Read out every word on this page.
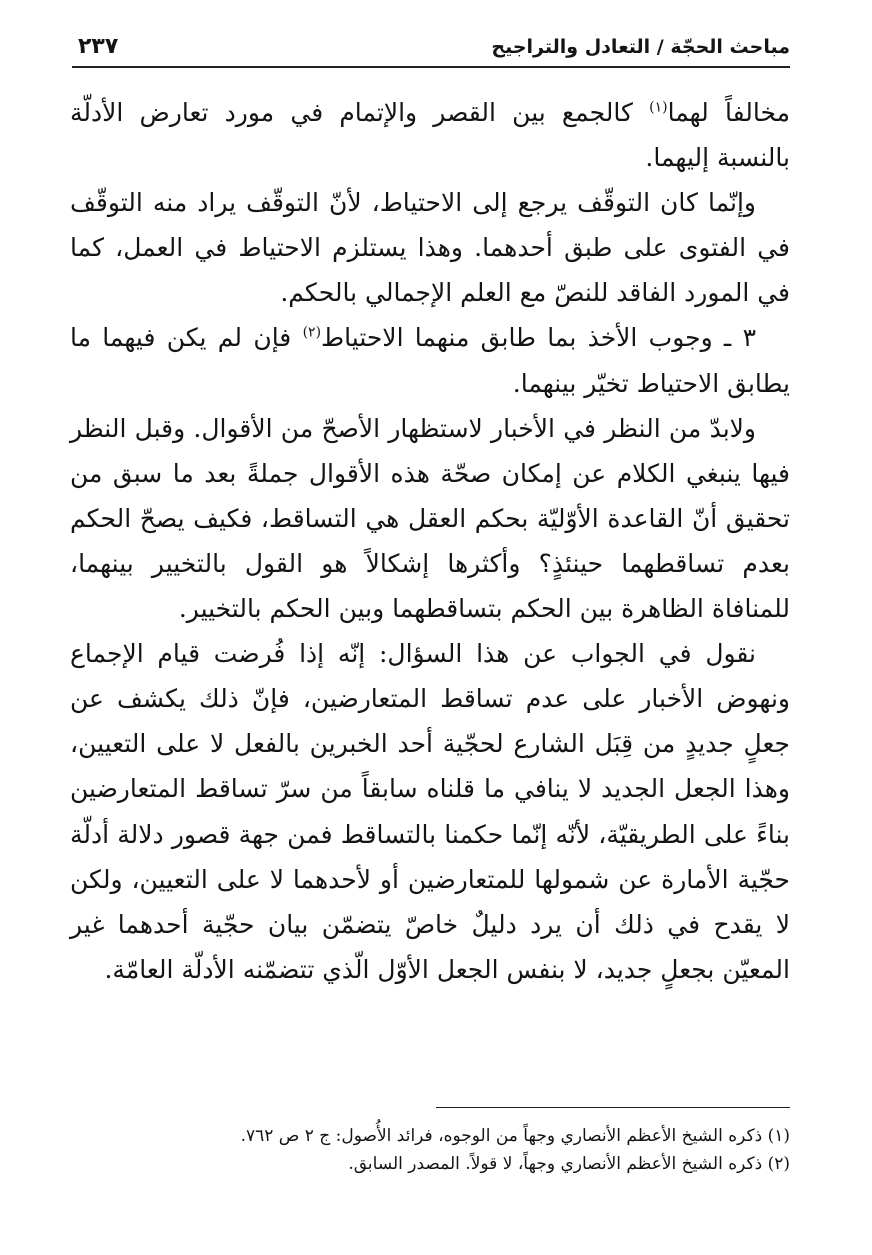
مباحث الحجّة / التعادل والتراجيح
٢٣٧

مخالفاً لهما$^{(١)}$ كالجمع بين القصر والإتمام في مورد تعارض الأدلّة بالنسبة إليهما.

وإنّما كان التوقّف يرجع إلى الاحتياط، لأنّ التوقّف يراد منه التوقّف في الفتوى على طبق أحدهما. وهذا يستلزم الاحتياط في العمل، كما في المورد الفاقد للنصّ مع العلم الإجمالي بالحكم.

٣ ـ وجوب الأخذ بما طابق منهما الاحتياط$^{(٢)}$ فإن لم يكن فيهما ما يطابق الاحتياط تخيّر بينهما.

ولابدّ من النظر في الأخبار لاستظهار الأصحّ من الأقوال. وقبل النظر فيها ينبغي الكلام عن إمكان صحّة هذه الأقوال جملةً بعد ما سبق من تحقيق أنّ القاعدة الأوّليّة بحكم العقل هي التساقط، فكيف يصحّ الحكم بعدم تساقطهما حينئذٍ؟ وأكثرها إشكالاً هو القول بالتخيير بينهما، للمنافاة الظاهرة بين الحكم بتساقطهما وبين الحكم بالتخيير.

نقول في الجواب عن هذا السؤال: إنّه إذا فُرضت قيام الإجماع ونهوض الأخبار على عدم تساقط المتعارضين، فإنّ ذلك يكشف عن جعلٍ جديدٍ من قِبَل الشارع لحجّية أحد الخبرين بالفعل لا على التعيين، وهذا الجعل الجديد لا ينافي ما قلناه سابقاً من سرّ تساقط المتعارضين بناءً على الطريقيّة، لأنّه إنّما حكمنا بالتساقط فمن جهة قصور دلالة أدلّة حجّية الأمارة عن شمولها للمتعارضين أو لأحدهما لا على التعيين، ولكن لا يقدح في ذلك أن يرد دليلٌ خاصّ يتضمّن بيان حجّية أحدهما غير المعيّن بجعلٍ جديد، لا بنفس الجعل الأوّل الّذي تتضمّنه الأدلّة العامّة.

(١) ذكره الشيخ الأعظم الأنصاري وجهاً من الوجوه، فرائد الأُصول: ج ٢ ص ٧٦٢.

(٢) ذكره الشيخ الأعظم الأنصاري وجهاً، لا قولاً. المصدر السابق.
